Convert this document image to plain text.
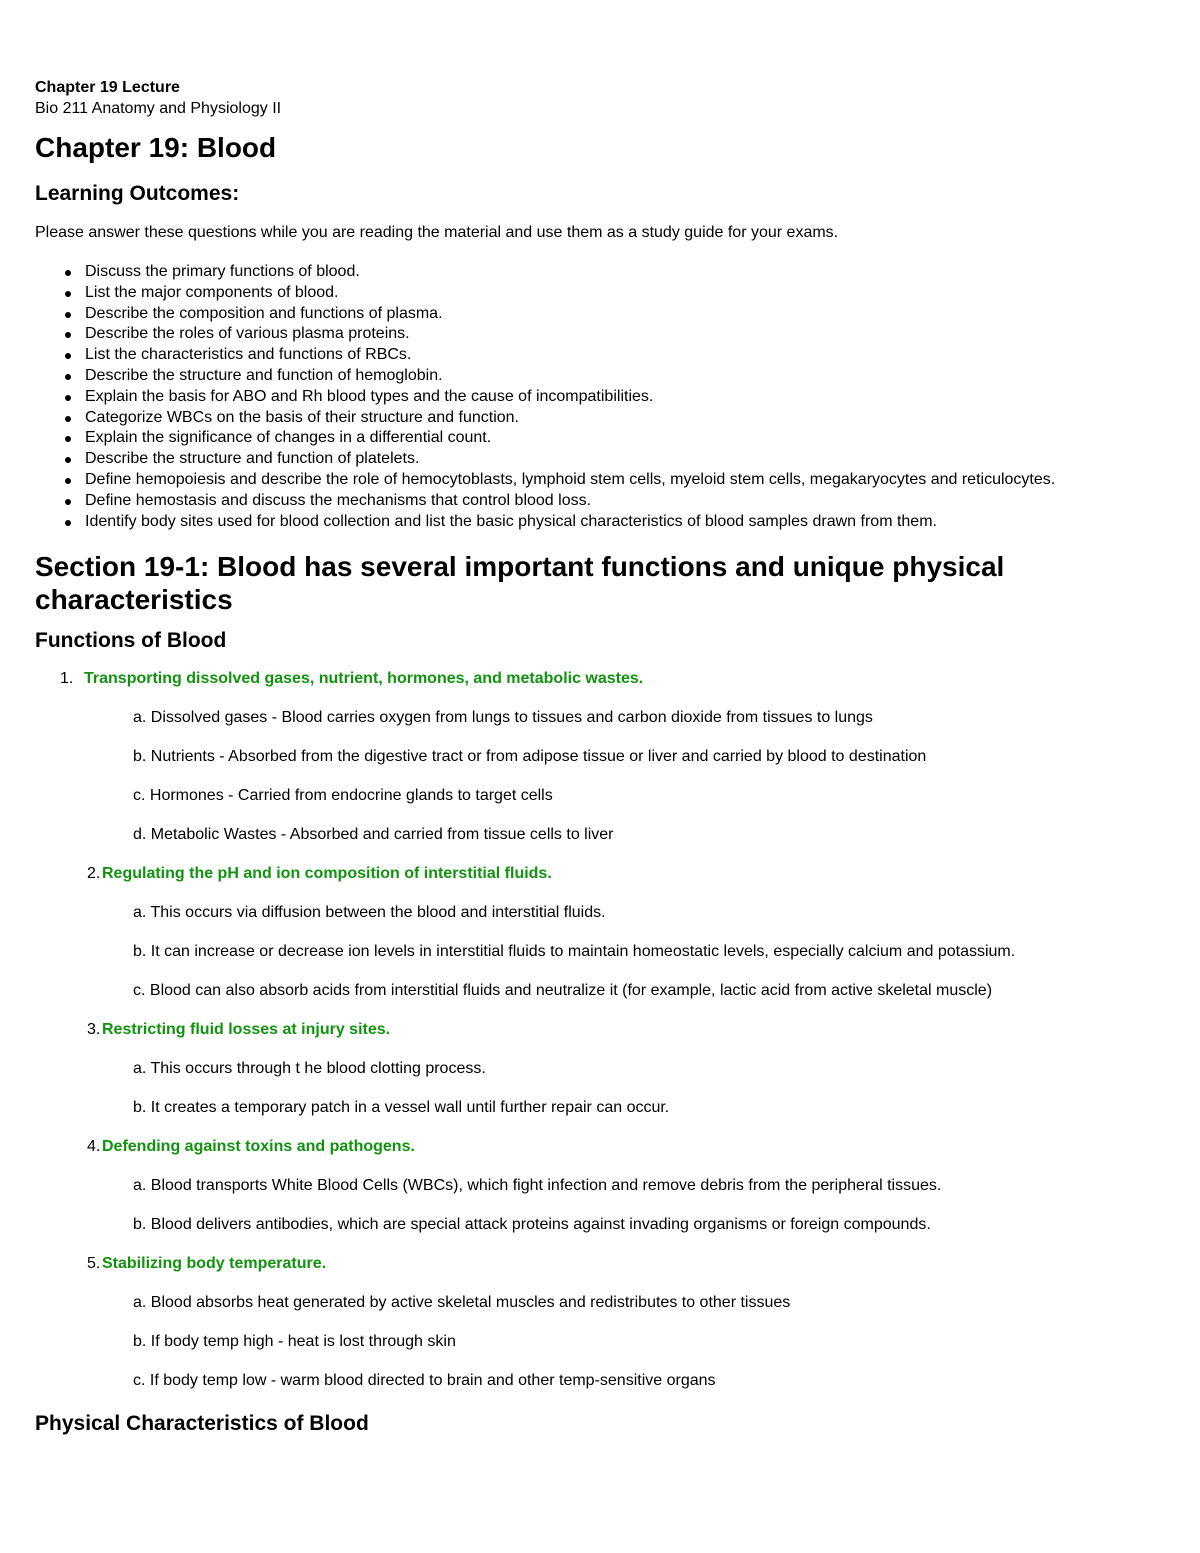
Chapter 19 Lecture

Bio 211 Anatomy and Physiology II

Chapter 19: Blood
Learning Outcomes:

Please answer these questions while you are reading the material and use them as a study guide for your exams.

Discuss the primary functions of blood.
List the major components of blood.
Describe the composition and functions of plasma.
Describe the roles of various plasma proteins.
List the characteristics and functions of RBCs.
Describe the structure and function of hemoglobin.
Explain the basis for ABO and Rh blood types and the cause of incompatibilities.
Categorize WBCs on the basis of their structure and function.
Explain the significance of changes in a differential count.
Describe the structure and function of platelets.
Define hemopoiesis and describe the role of hemocytoblasts, lymphoid stem cells, myeloid stem cells, megakaryocytes and reticulocytes.
Define hemostasis and discuss the mechanisms that control blood loss.
Identify body sites used for blood collection and list the basic physical characteristics of blood samples drawn from them.
Section 19-1: Blood has several important functions and unique physical characteristics
Functions of Blood
1. Transporting dissolved gases, nutrient, hormones, and metabolic wastes.
a. Dissolved gases - Blood carries oxygen from lungs to tissues and carbon dioxide from tissues to lungs
b. Nutrients - Absorbed from the digestive tract or from adipose tissue or liver and carried by blood to destination
c. Hormones - Carried from endocrine glands to target cells
d. Metabolic Wastes - Absorbed and carried from tissue cells to liver
2. Regulating the pH and ion composition of interstitial fluids.
a. This occurs via diffusion between the blood and interstitial fluids.
b. It can increase or decrease ion levels in interstitial fluids to maintain homeostatic levels, especially calcium and potassium.
c. Blood can also absorb acids from interstitial fluids and neutralize it (for example, lactic acid from active skeletal muscle)
3. Restricting fluid losses at injury sites.
a. This occurs through t he blood clotting process.
b. It creates a temporary patch in a vessel wall until further repair can occur.
4. Defending against toxins and pathogens.
a. Blood transports White Blood Cells (WBCs), which fight infection and remove debris from the peripheral tissues.
b. Blood delivers antibodies, which are special attack proteins against invading organisms or foreign compounds.
5. Stabilizing body temperature.
a. Blood absorbs heat generated by active skeletal muscles and redistributes to other tissues
b. If body temp high - heat is lost through skin
c. If body temp low - warm blood directed to brain and other temp-sensitive organs
Physical Characteristics of Blood
